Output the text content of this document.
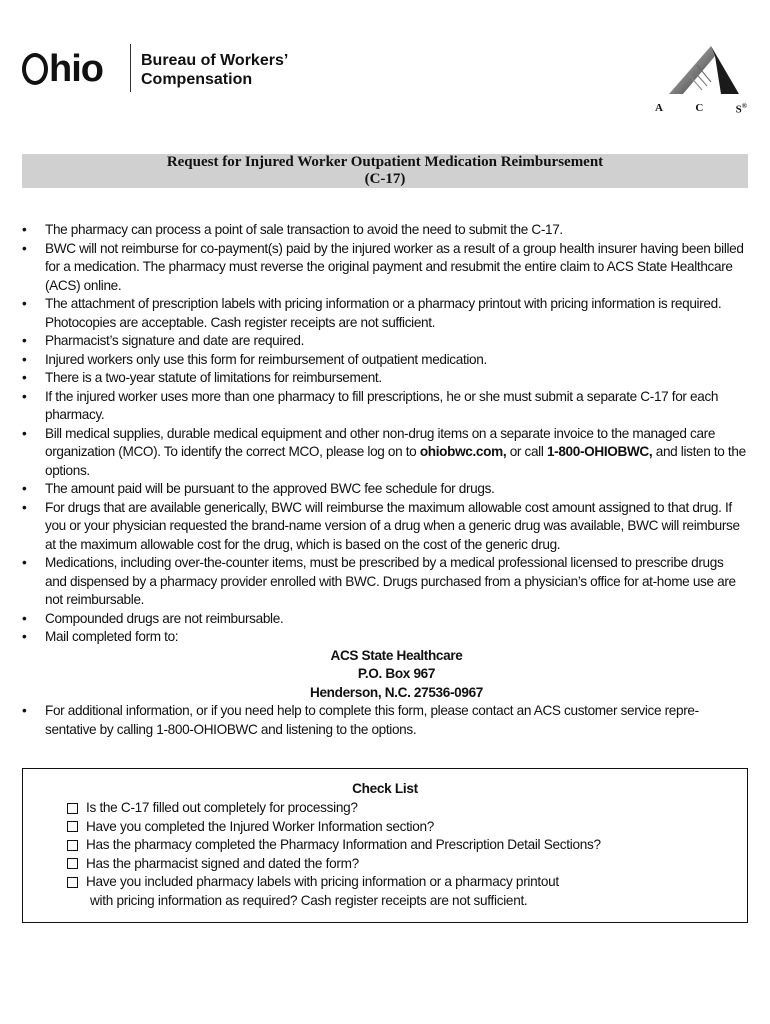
hio Bureau of Workers’
Compensation
A	C	S®
Request for Injured Worker Outpatient Medication Reimbursement
(C-17)
• The pharmacy can process a point of sale transaction to avoid the need to submit the C-17.
• BWC will not reimburse for co-payment(s) paid by the injured worker as a result of a group health insurer having been billed for a medication. The pharmacy must reverse the original payment and resubmit the entire claim to ACS State Healthcare (ACS) online.
• The attachment of prescription labels with pricing information or a pharmacy printout with pricing information is required. Photocopies are acceptable. Cash register receipts are not sufficient.
• Pharmacist’s signature and date are required.
• Injured workers only use this form for reimbursement of outpatient medication.
• There is a two-year statute of limitations for reimbursement.
• If the injured worker uses more than one pharmacy to fill prescriptions, he or she must submit a separate C-17 for each pharmacy.
• Bill medical supplies, durable medical equipment and other non-drug items on a separate invoice to the managed care organization (MCO). To identify the correct MCO, please log on to ohiobwc.com, or call 1-800-OHIOBWC, and listen to the options.
• The amount paid will be pursuant to the approved BWC fee schedule for drugs.
• For drugs that are available generically, BWC will reimburse the maximum allowable cost amount assigned to that drug. If you or your physician requested the brand-name version of a drug when a generic drug was available, BWC will reimburse at the maximum allowable cost for the drug, which is based on the cost of the generic drug.
• Medications, including over-the-counter items, must be prescribed by a medical professional licensed to prescribe drugs and dispensed by a pharmacy provider enrolled with BWC. Drugs purchased from a physician’s office for at-home use are not reimbursable.
• Compounded drugs are not reimbursable.
• Mail completed form to:
ACS State Healthcare
P.O. Box 967
Henderson, N.C. 27536-0967
• For additional information, or if you need help to complete this form, please contact an ACS customer service repre-sentative by calling 1-800-OHIOBWC and listening to the options.
Check List
Is the C-17 filled out completely for processing?
Have you completed the Injured Worker Information section?
Has the pharmacy completed the Pharmacy Information and Prescription Detail Sections?
Has the pharmacist signed and dated the form?
Have you included pharmacy labels with pricing information or a pharmacy printout
with pricing information as required? Cash register receipts are not sufficient.
